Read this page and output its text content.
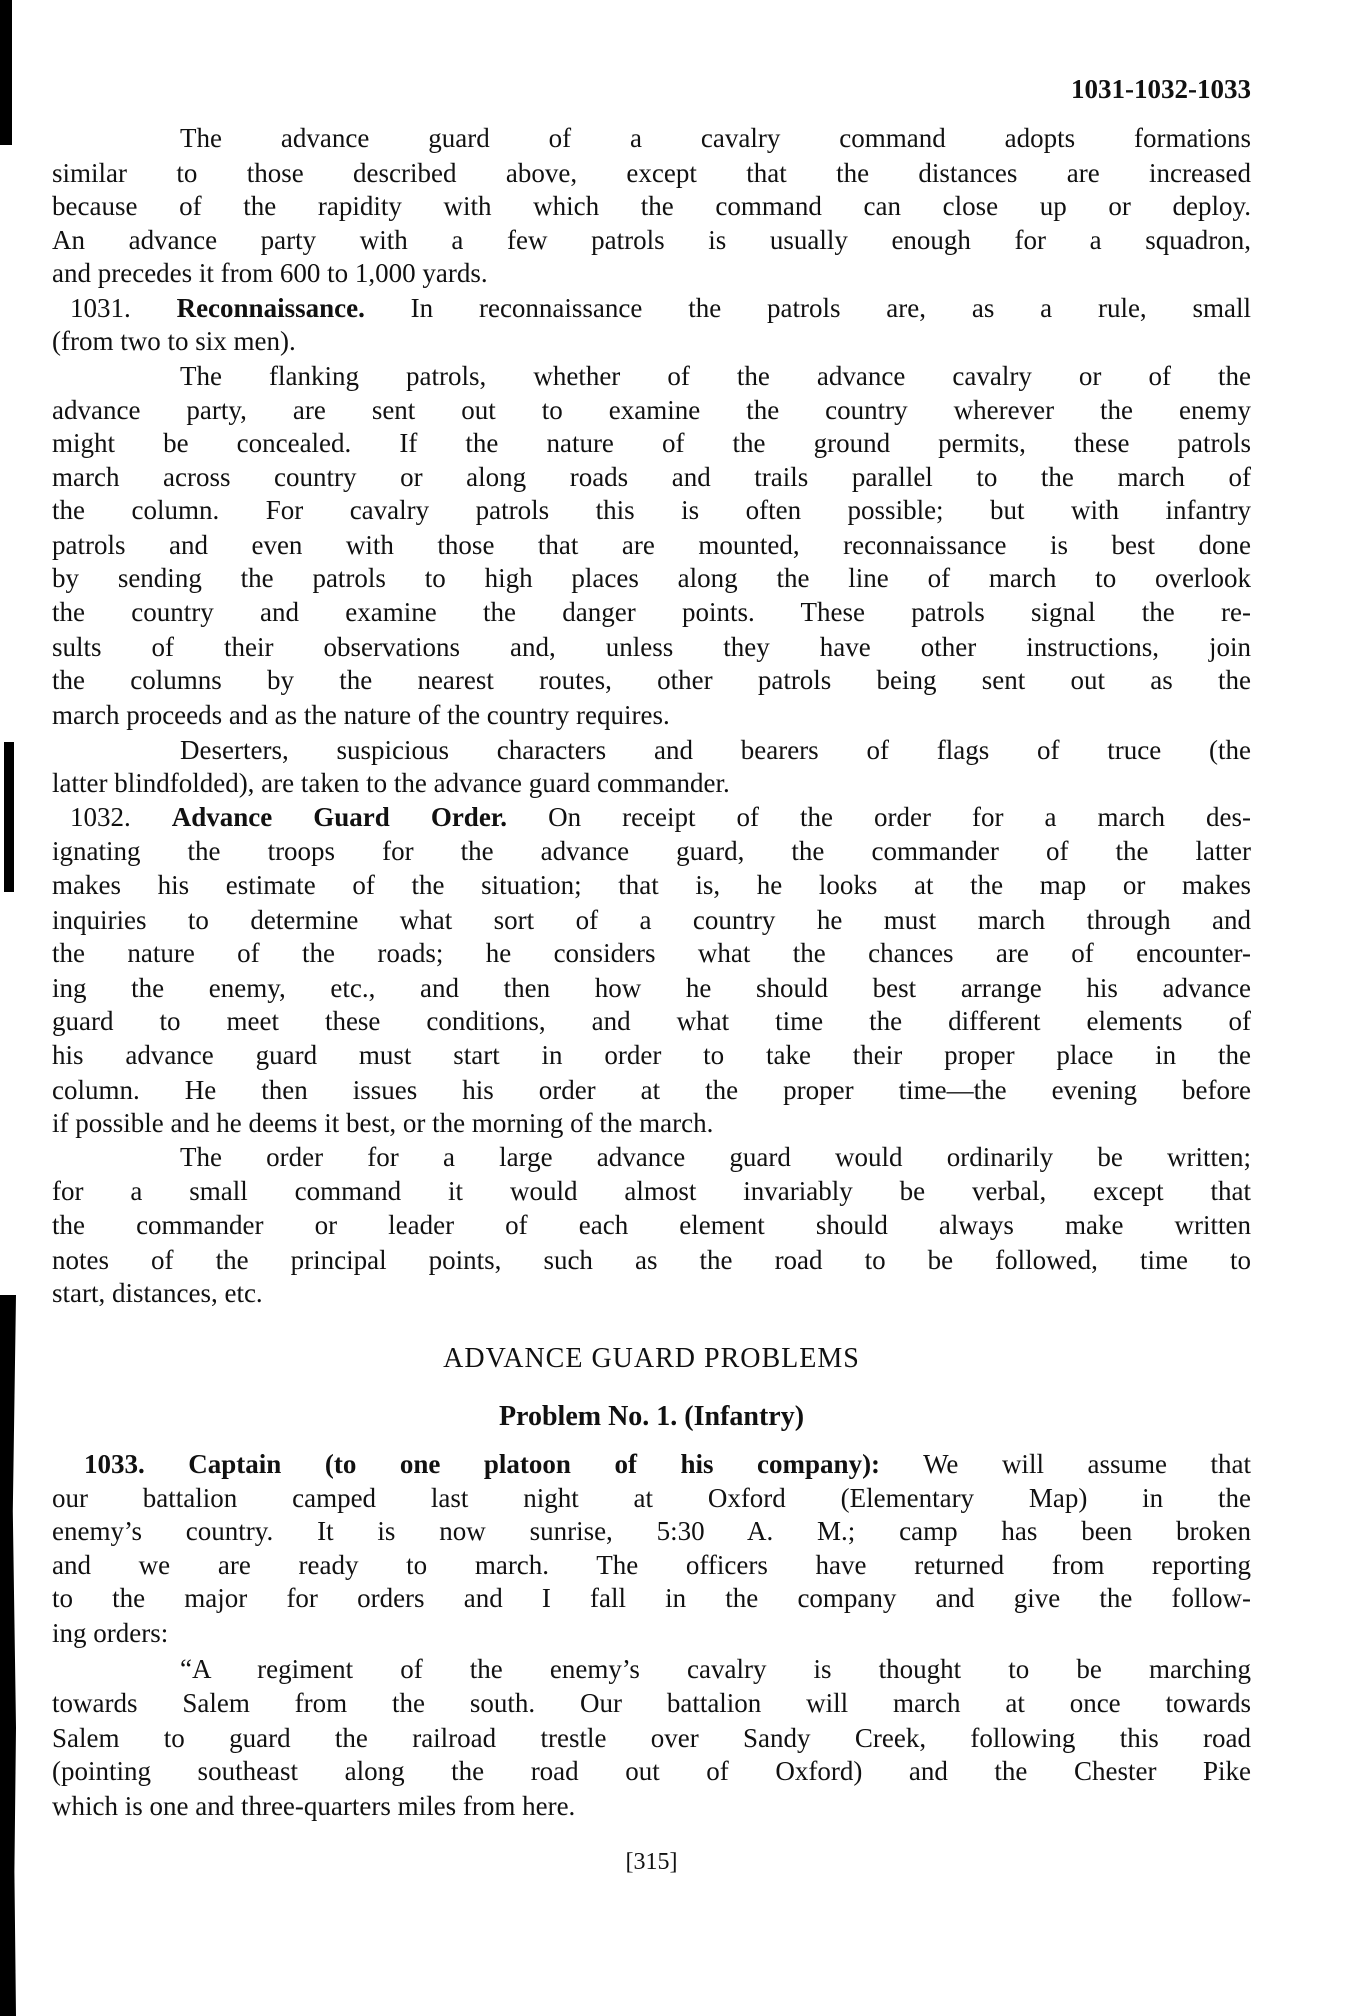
1031-1032-1033
The advance guard of a cavalry command adopts formations
similar to those described above, except that the distances are increased
because of the rapidity with which the command can close up or deploy.
An advance party with a few patrols is usually enough for a squadron,
and precedes it from 600 to 1,000 yards.
1031. Reconnaissance. In reconnaissance the patrols are, as a rule, small
(from two to six men).
The flanking patrols, whether of the advance cavalry or of the
advance party, are sent out to examine the country wherever the enemy
might be concealed. If the nature of the ground permits, these patrols
march across country or along roads and trails parallel to the march of
the column. For cavalry patrols this is often possible; but with infantry
patrols and even with those that are mounted, reconnaissance is best done
by sending the patrols to high places along the line of march to overlook
the country and examine the danger points. These patrols signal the re-
sults of their observations and, unless they have other instructions, join
the columns by the nearest routes, other patrols being sent out as the
march proceeds and as the nature of the country requires.
Deserters, suspicious characters and bearers of flags of truce (the
latter blindfolded), are taken to the advance guard commander.
1032. Advance Guard Order. On receipt of the order for a march des-
ignating the troops for the advance guard, the commander of the latter
makes his estimate of the situation; that is, he looks at the map or makes
inquiries to determine what sort of a country he must march through and
the nature of the roads; he considers what the chances are of encounter-
ing the enemy, etc., and then how he should best arrange his advance
guard to meet these conditions, and what time the different elements of
his advance guard must start in order to take their proper place in the
column. He then issues his order at the proper time—the evening before
if possible and he deems it best, or the morning of the march.
The order for a large advance guard would ordinarily be written;
for a small command it would almost invariably be verbal, except that
the commander or leader of each element should always make written
notes of the principal points, such as the road to be followed, time to
start, distances, etc.
1033. Captain (to one platoon of his company): We will assume that
our battalion camped last night at Oxford (Elementary Map) in the
enemy’s country. It is now sunrise, 5:30 A. M.; camp has been broken
and we are ready to march. The officers have returned from reporting
to the major for orders and I fall in the company and give the follow-
ing orders:
“A regiment of the enemy’s cavalry is thought to be marching
towards Salem from the south. Our battalion will march at once towards
Salem to guard the railroad trestle over Sandy Creek, following this road
(pointing southeast along the road out of Oxford) and the Chester Pike
which is one and three-quarters miles from here.
ADVANCE GUARD PROBLEMS
Problem No. 1. (Infantry)
[315]
